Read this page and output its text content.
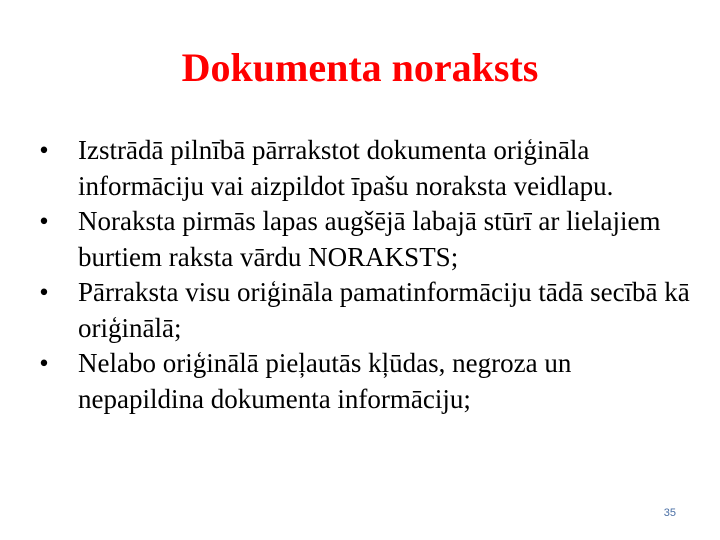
Dokumenta noraksts
• Izstrādā pilnībā pārrakstot dokumenta oriģināla informāciju vai aizpildot īpašu noraksta veidlapu.
• Noraksta pirmās lapas augšējā labajā stūrī ar lielajiem burtiem raksta vārdu NORAKSTS;
• Pārraksta visu oriģināla pamatinformāciju tādā secībā kā oriģinālā;
• Nelabo oriģinālā pieļautās kļūdas, negroza un nepapildina dokumenta informāciju;
35
